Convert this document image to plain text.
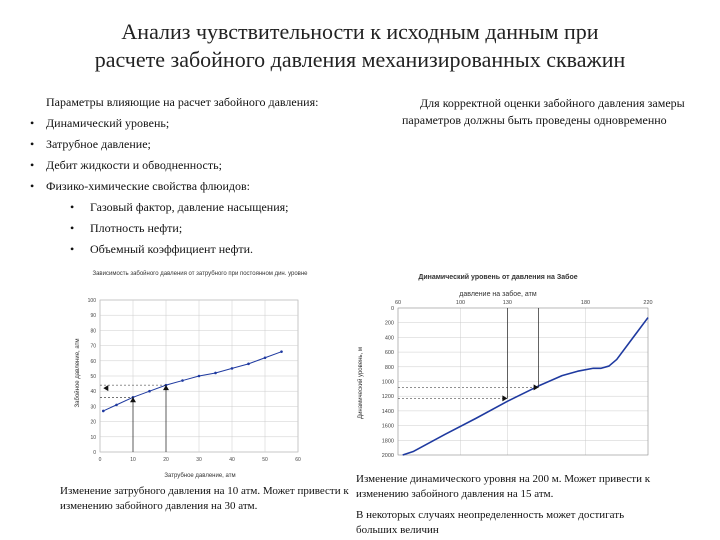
Анализ чувствительности к исходным данным при
расчете забойного давления механизированных скважин
Параметры влияющие на расчет забойного давления:
• Динамический уровень;
• Затрубное давление;
• Дебит жидкости и обводненность;
• Физико-химические свойства флюидов:
• Газовый фактор, давление насыщения;
• Плотность нефти;
• Объемный коэффициент нефти.
Для корректной оценки забойного давления замеры параметров должны быть проведены одновременно
Зависимость забойного давления от затрубного при постоянном дин. уровне
0
10
20
30
40
50
60
70
80
90
100
0	10	20	30	40	50	60
Затрубное давление, атм
Забойное давление, атм
Динамический уровень от давления на Забое
0
200
400
600
800
1000
1200
1400
1600
1800
2000
60	100	130	180	220
давление на забое, атм
Динамический уровень, м
Изменение затрубного давления на 10 атм. Может привести к изменению забойного давления на 30 атм.
Изменение динамического уровня на 200 м. Может привести к изменению забойного давления на 15 атм.
В некоторых случаях неопределенность может достигать больших величин
